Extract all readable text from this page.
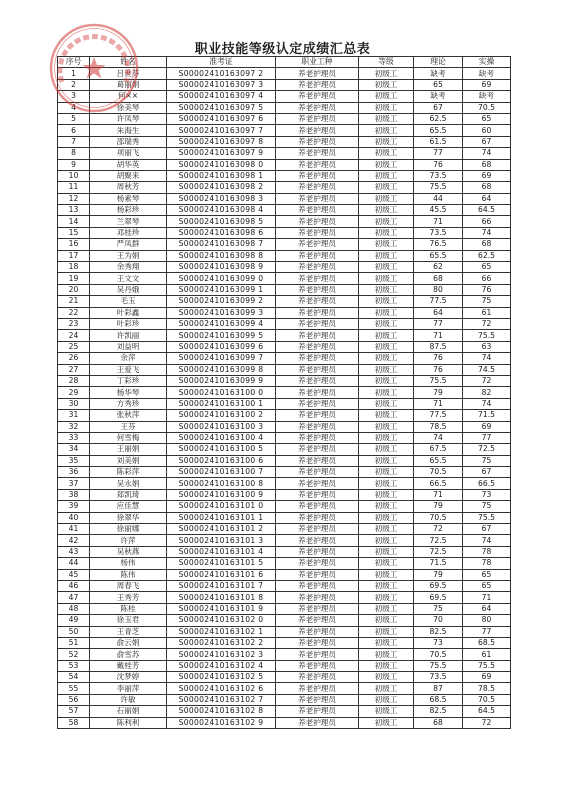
职业技能等级认定成绩汇总表
序号	姓名	准考证	职业工种	等级	理论	实操
1	吕世芬	S00002410163097 2	养老护理员	初级工	缺考	缺考
2	葛丽娟	S00002410163097 3	养老护理员	初级工	65	69
3	何××	S00002410163097 4	养老护理员	初级工	缺考	缺考
4	徐美琴	S00002410163097 5	养老护理员	初级工	67	70.5
5	许凤琴	S00002410163097 6	养老护理员	初级工	62.5	65
6	朱海生	S00002410163097 7	养老护理员	初级工	65.5	60
7	邵瑞秀	S00002410163097 8	养老护理员	初级工	61.5	67
8	项丽飞	S00002410163097 9	养老护理员	初级工	77	74
9	胡华英	S00002410163098 0	养老护理员	初级工	76	68
10	胡聚来	S00002410163098 1	养老护理员	初级工	73.5	69
11	周秋芳	S00002410163098 2	养老护理员	初级工	75.5	68
12	杨素琴	S00002410163098 3	养老护理员	初级工	44	64
13	杨彩珍	S00002410163098 4	养老护理员	初级工	45.5	64.5
14	兰翠琴	S00002410163098 5	养老护理员	初级工	71	66
15	邓桂珍	S00002410163098 6	养老护理员	初级工	73.5	74
16	严凤群	S00002410163098 7	养老护理员	初级工	76.5	68
17	王为娟	S00002410163098 8	养老护理员	初级工	65.5	62.5
18	余秀翔	S00002410163098 9	养老护理员	初级工	62	65
19	王文文	S00002410163099 0	养老护理员	初级工	68	66
20	吴丹娥	S00002410163099 1	养老护理员	初级工	80	76
21	毛玉	S00002410163099 2	养老护理员	初级工	77.5	75
22	叶彩鑫	S00002410163099 3	养老护理员	初级工	64	61
23	叶彩珍	S00002410163099 4	养老护理员	初级工	77	72
24	许凯丽	S00002410163099 5	养老护理员	初级工	71	75.5
25	刘益明	S00002410163099 6	养老护理员	初级工	87.5	63
26	余萍	S00002410163099 7	养老护理员	初级工	76	74
27	王爱飞	S00002410163099 8	养老护理员	初级工	76	74.5
28	丁彩珍	S00002410163099 9	养老护理员	初级工	75.5	72
29	杨华琴	S00002410163100 0	养老护理员	初级工	79	82
30	方秀珍	S00002410163100 1	养老护理员	初级工	71	74
31	张秋萍	S00002410163100 2	养老护理员	初级工	77.5	71.5
32	王芬	S00002410163100 3	养老护理员	初级工	78.5	69
33	何雪梅	S00002410163100 4	养老护理员	初级工	74	77
34	王丽娟	S00002410163100 5	养老护理员	初级工	67.5	72.5
35	刘美娟	S00002410163100 6	养老护理员	初级工	65.5	75
36	陈彩萍	S00002410163100 7	养老护理员	初级工	70.5	67
37	吴永娟	S00002410163100 8	养老护理员	初级工	66.5	66.5
38	郑凯琦	S00002410163100 9	养老护理员	初级工	71	73
39	应佳慧	S00002410163101 0	养老护理员	初级工	79	75
40	徐翠华	S00002410163101 1	养老护理员	初级工	70.5	75.5
41	徐丽娜	S00002410163101 2	养老护理员	初级工	72	67
42	许萍	S00002410163101 3	养老护理员	初级工	72.5	74
43	吴秋燕	S00002410163101 4	养老护理员	初级工	72.5	78
44	杨伟	S00002410163101 5	养老护理员	初级工	71.5	78
45	陈伟	S00002410163101 6	养老护理员	初级工	79	65
46	周春飞	S00002410163101 7	养老护理员	初级工	69.5	65
47	王秀芳	S00002410163101 8	养老护理员	初级工	69.5	71
48	陈桂	S00002410163101 9	养老护理员	初级工	75	64
49	徐玉君	S00002410163102 0	养老护理员	初级工	70	80
50	王青芝	S00002410163102 1	养老护理员	初级工	82.5	77
51	俞云娟	S00002410163102 2	养老护理员	初级工	73	68.5
52	俞雪苏	S00002410163102 3	养老护理员	初级工	70.5	61
53	戴桂芳	S00002410163102 4	养老护理员	初级工	75.5	75.5
54	沈梦婷	S00002410163102 5	养老护理员	初级工	73.5	69
55	李丽萍	S00002410163102 6	养老护理员	初级工	87	78.5
56	许敏	S00002410163102 7	养老护理员	初级工	68.5	70.5
57	石丽娟	S00002410163102 8	养老护理员	初级工	82.5	64.5
58	陈利利	S00002410163102 9	养老护理员	初级工	68	72
